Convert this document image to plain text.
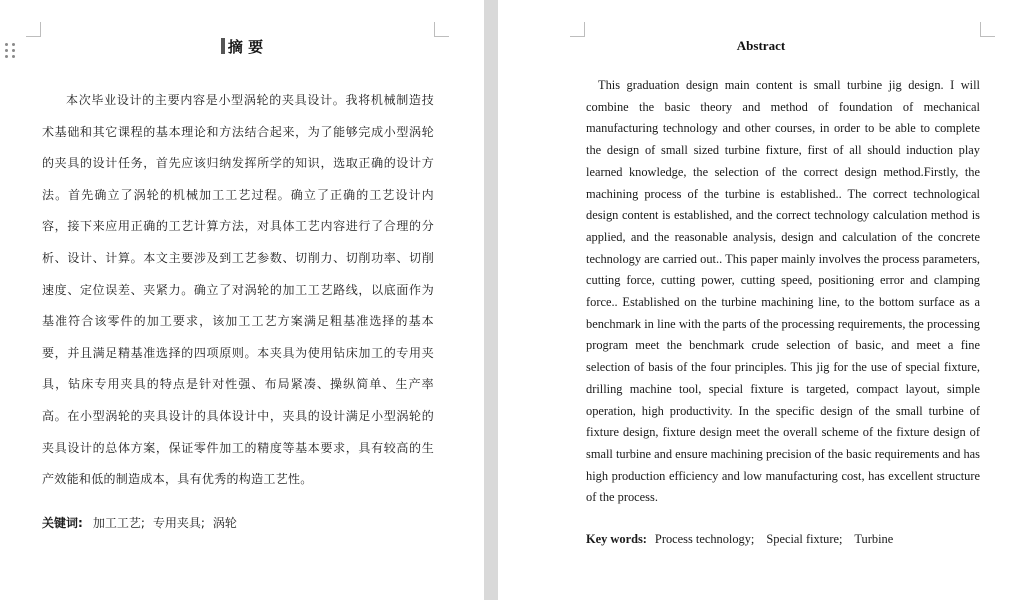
摘 要

本次毕业设计的主要内容是小型涡轮的夹具设计。我将机械制造技术基础和其它课程的基本理论和方法结合起来，为了能够完成小型涡轮的夹具的设计任务，首先应该归纳发挥所学的知识，选取正确的设计方法。首先确立了涡轮的机械加工工艺过程。确立了正确的工艺设计内容，接下来应用正确的工艺计算方法，对具体工艺内容进行了合理的分析、设计、计算。本文主要涉及到工艺参数、切削力、切削功率、切削速度、定位误差、夹紧力。确立了对涡轮的加工工艺路线，以底面作为基准符合该零件的加工要求，该加工工艺方案满足粗基准选择的基本要，并且满足精基准选择的四项原则。本夹具为使用钻床加工的专用夹具，钻床专用夹具的特点是针对性强、布局紧凑、操纵简单、生产率高。在小型涡轮的夹具设计的具体设计中，夹具的设计满足小型涡轮的夹具设计的总体方案，保证零件加工的精度等基本要求，具有较高的生产效能和低的制造成本，具有优秀的构造工艺性。

关键词: 加工工艺; 专用夹具; 涡轮
Abstract

This graduation design main content is small turbine jig design. I will combine the basic theory and method of foundation of mechanical manufacturing technology and other courses, in order to be able to complete the design of small sized turbine fixture, first of all should induction play learned knowledge, the selection of the correct design method.Firstly, the machining process of the turbine is established.. The correct technological design content is established, and the correct technology calculation method is applied, and the reasonable analysis, design and calculation of the concrete technology are carried out.. This paper mainly involves the process parameters, cutting force, cutting power, cutting speed, positioning error and clamping force.. Established on the turbine machining line, to the bottom surface as a benchmark in line with the parts of the processing requirements, the processing program meet the benchmark crude selection of basic, and meet a fine selection of basis of the four principles. This jig for the use of special fixture, drilling machine tool, special fixture is targeted, compact layout, simple operation, high productivity. In the specific design of the small turbine of fixture design, fixture design meet the overall scheme of the fixture design of small turbine and ensure machining precision of the basic requirements and has high production efficiency and low manufacturing cost, has excellent structure of the process.

Key words: Process technology; Special fixture; Turbine
